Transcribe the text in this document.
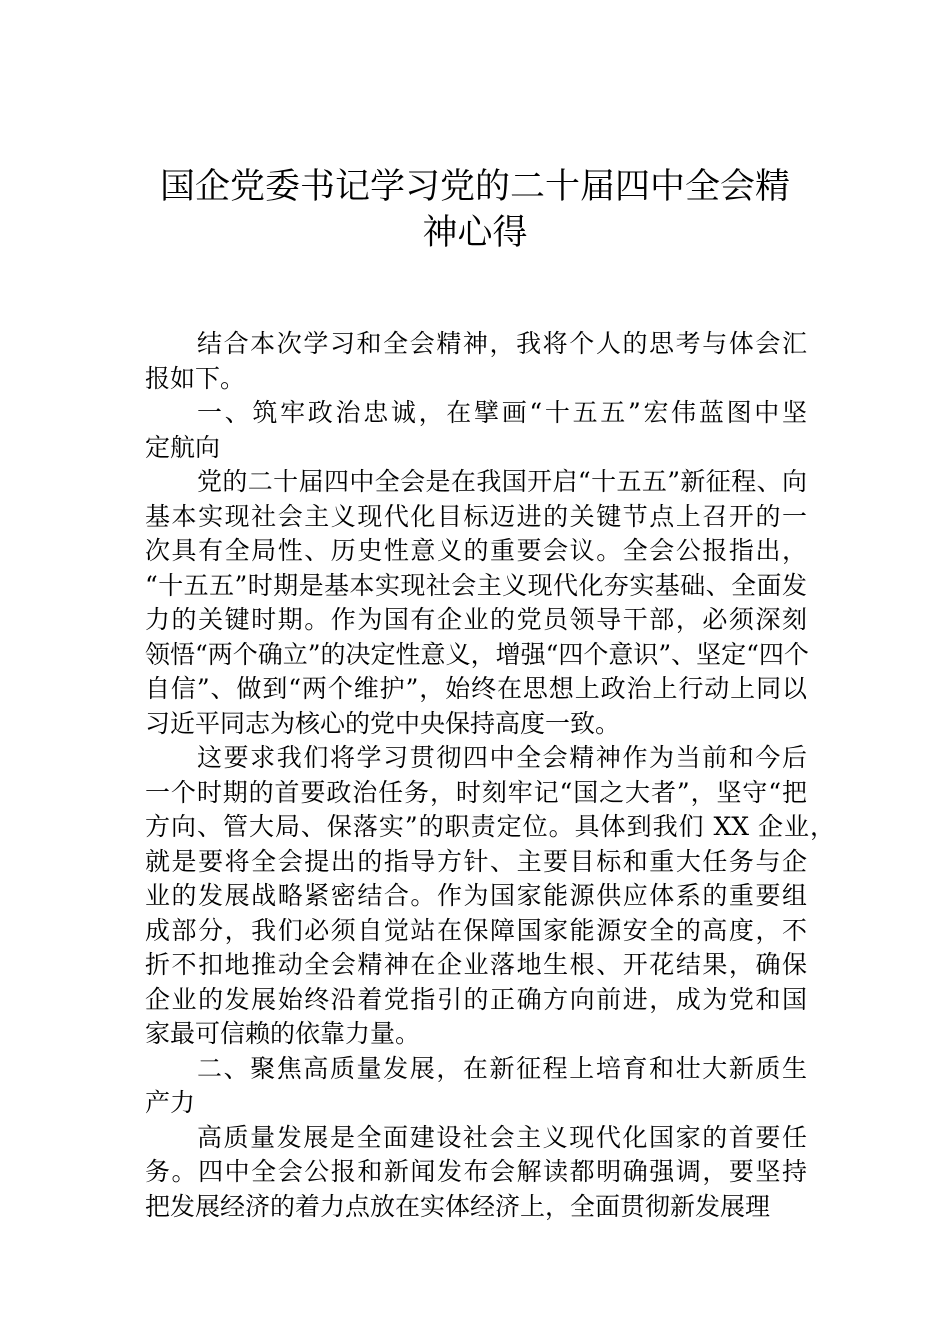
国企党委书记学习党的二十届四中全会精
神心得
结合本次学习和全会精神，我将个人的思考与体会汇
报如下。
一、筑牢政治忠诚，在擘画“十五五”宏伟蓝图中坚
定航向
党的二十届四中全会是在我国开启“十五五”新征程、向
基本实现社会主义现代化目标迈进的关键节点上召开的一
次具有全局性、历史性意义的重要会议。全会公报指出，
“十五五”时期是基本实现社会主义现代化夯实基础、全面发
力的关键时期。作为国有企业的党员领导干部，必须深刻
领悟“两个确立”的决定性意义，增强“四个意识”、坚定“四个
自信”、做到“两个维护”，始终在思想上政治上行动上同以
习近平同志为核心的党中央保持高度一致。
这要求我们将学习贯彻四中全会精神作为当前和今后
一个时期的首要政治任务，时刻牢记“国之大者”，坚守“把
方向、管大局、保落实”的职责定位。具体到我们 XX 企业，
就是要将全会提出的指导方针、主要目标和重大任务与企
业的发展战略紧密结合。作为国家能源供应体系的重要组
成部分，我们必须自觉站在保障国家能源安全的高度，不
折不扣地推动全会精神在企业落地生根、开花结果，确保
企业的发展始终沿着党指引的正确方向前进，成为党和国
家最可信赖的依靠力量。
二、聚焦高质量发展，在新征程上培育和壮大新质生
产力
高质量发展是全面建设社会主义现代化国家的首要任
务。四中全会公报和新闻发布会解读都明确强调，要坚持
把发展经济的着力点放在实体经济上，全面贯彻新发展理
